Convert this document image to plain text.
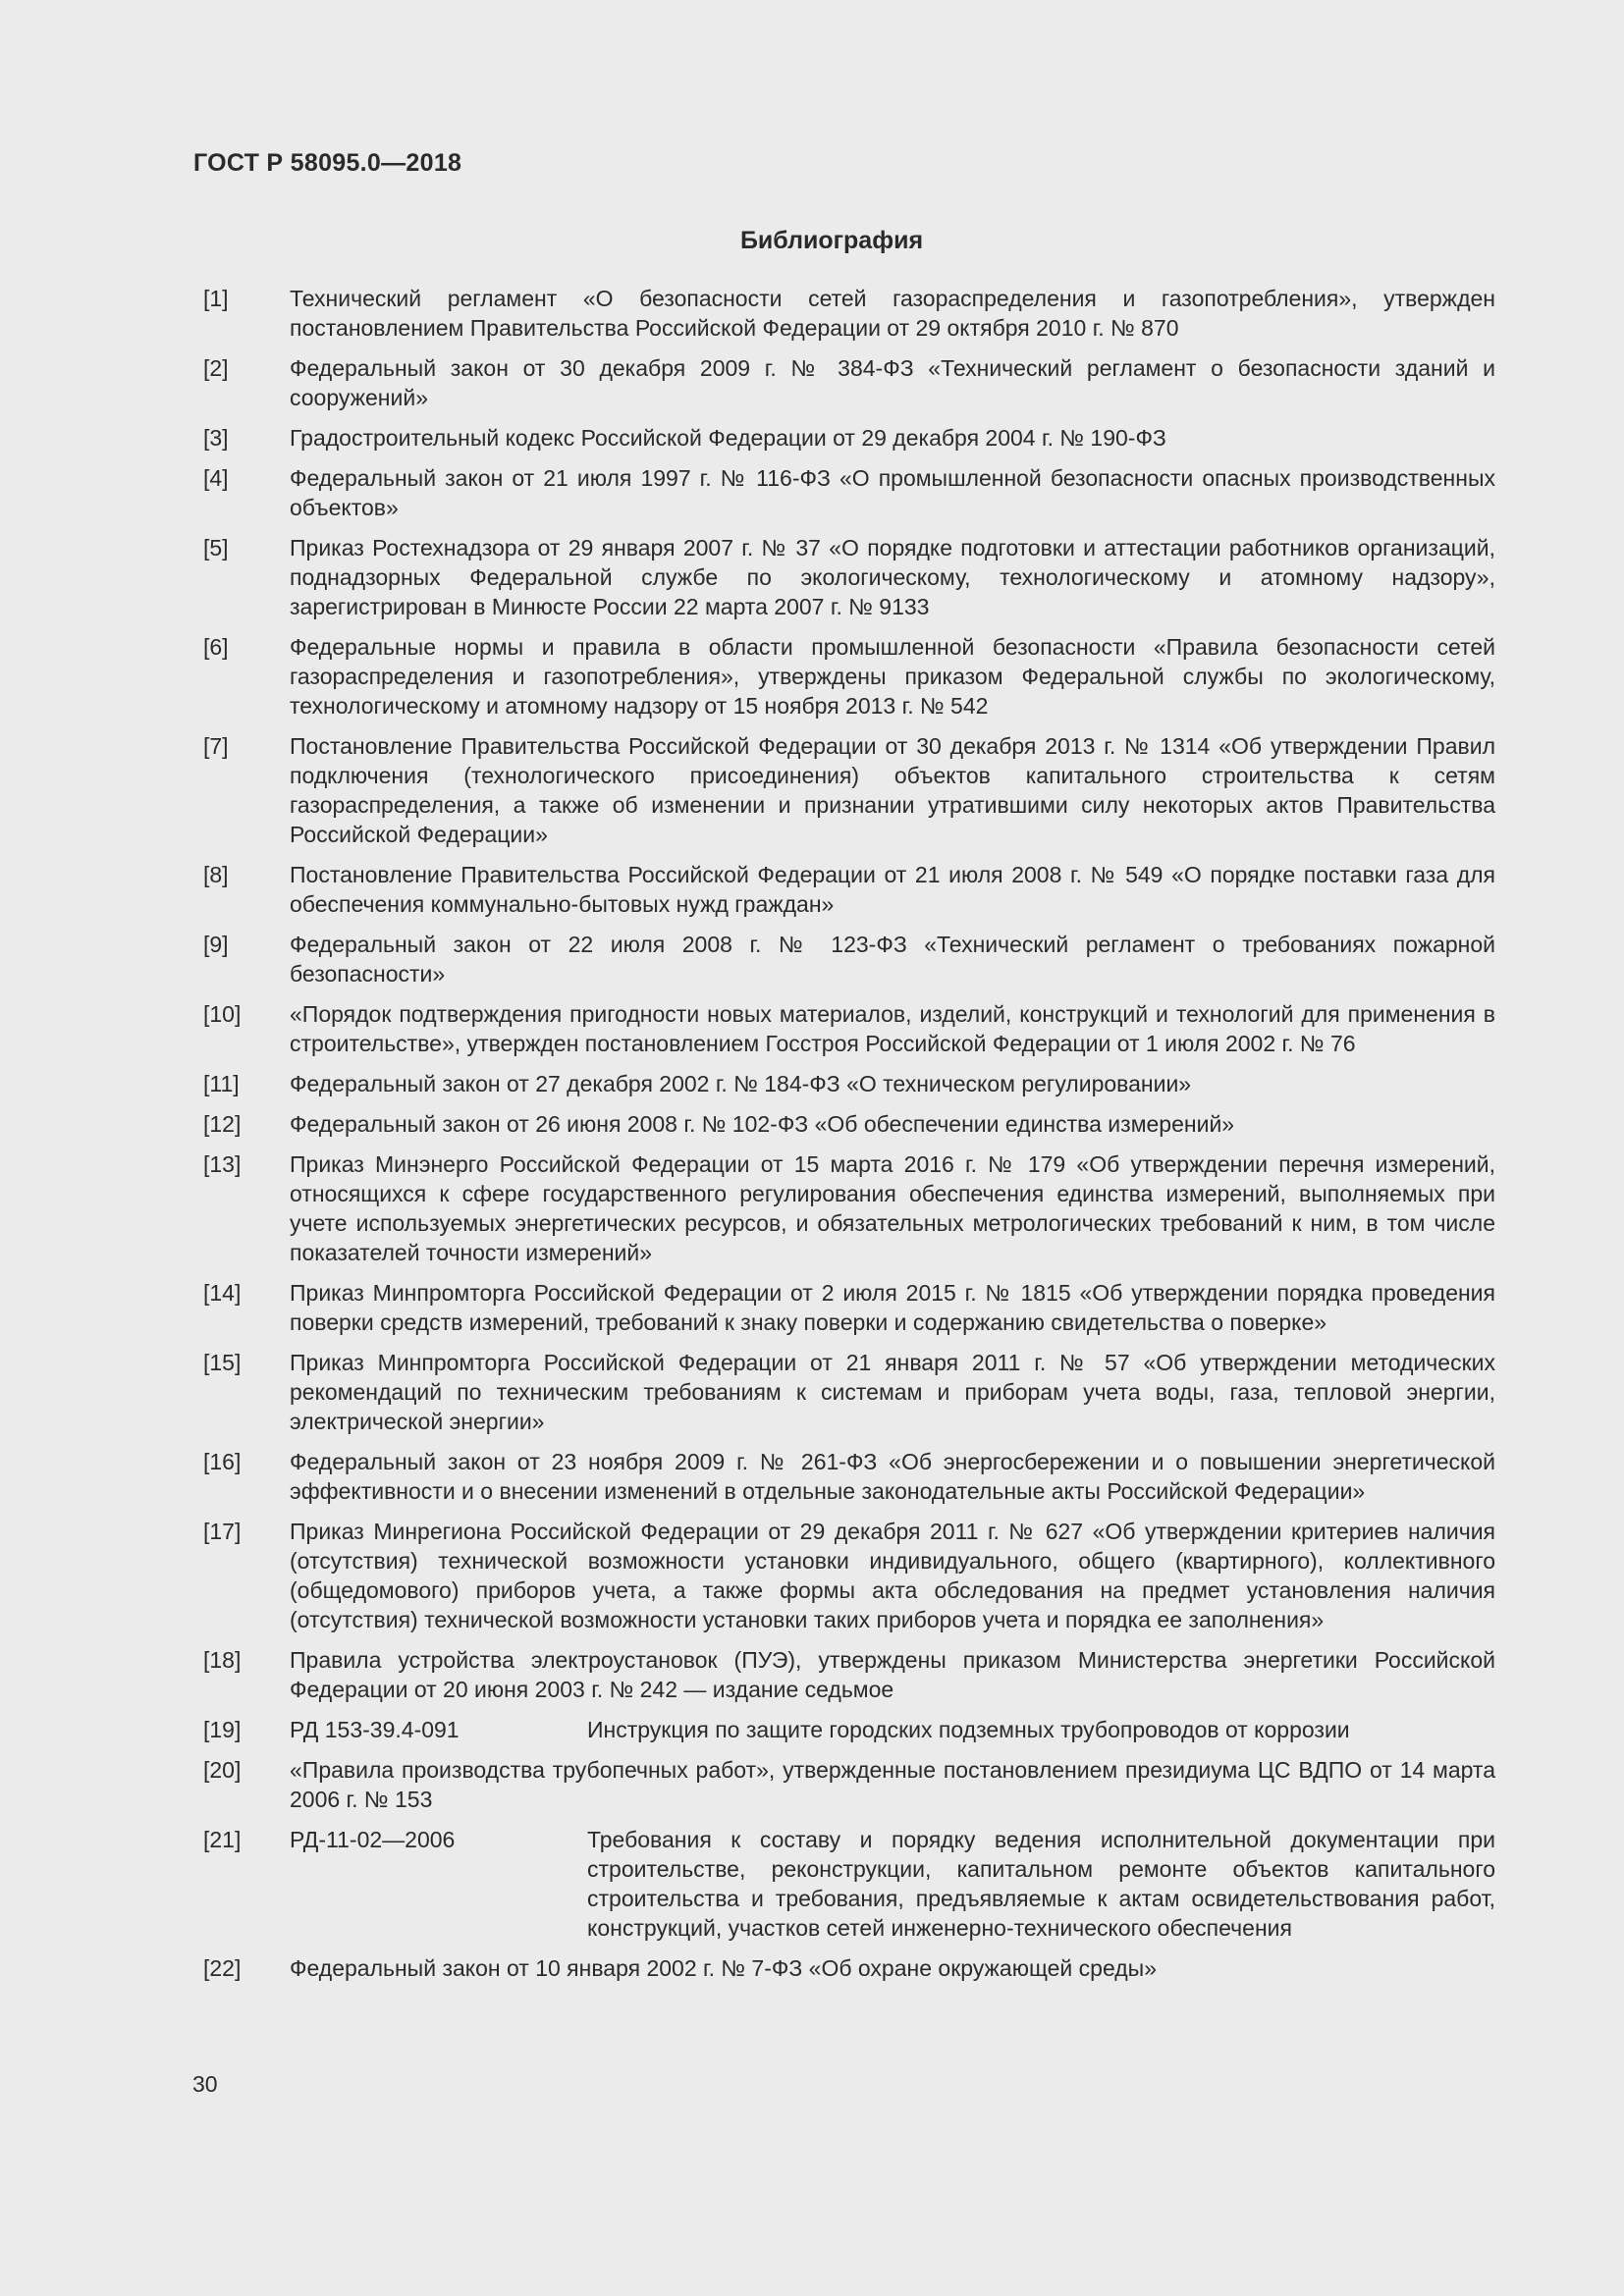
ГОСТ Р 58095.0—2018
Библиография
[1]	Технический регламент «О безопасности сетей газораспределения и газопотребления», утвержден постановлением Правительства Российской Федерации от 29 октября 2010 г. № 870
[2]	Федеральный закон от 30 декабря 2009 г. № 384-ФЗ «Технический регламент о безопасности зданий и сооружений»
[3]	Градостроительный кодекс Российской Федерации от 29 декабря 2004 г. № 190-ФЗ
[4]	Федеральный закон от 21 июля 1997 г. № 116-ФЗ «О промышленной безопасности опасных производственных объектов»
[5]	Приказ Ростехнадзора от 29 января 2007 г. № 37 «О порядке подготовки и аттестации работников организаций, поднадзорных Федеральной службе по экологическому, технологическому и атомному надзору», зарегистрирован в Минюсте России 22 марта 2007 г. № 9133
[6]	Федеральные нормы и правила в области промышленной безопасности «Правила безопасности сетей газораспределения и газопотребления», утверждены приказом Федеральной службы по экологическому, технологическому и атомному надзору от 15 ноября 2013 г. № 542
[7]	Постановление Правительства Российской Федерации от 30 декабря 2013 г. № 1314 «Об утверждении Правил подключения (технологического присоединения) объектов капитального строительства к сетям газораспределения, а также об изменении и признании утратившими силу некоторых актов Правительства Российской Федерации»
[8]	Постановление Правительства Российской Федерации от 21 июля 2008 г. № 549 «О порядке поставки газа для обеспечения коммунально-бытовых нужд граждан»
[9]	Федеральный закон от 22 июля 2008 г. № 123-ФЗ «Технический регламент о требованиях пожарной безопасности»
[10]	«Порядок подтверждения пригодности новых материалов, изделий, конструкций и технологий для применения в строительстве», утвержден постановлением Госстроя Российской Федерации от 1 июля 2002 г. № 76
[11]	Федеральный закон от 27 декабря 2002 г. № 184-ФЗ «О техническом регулировании»
[12]	Федеральный закон от 26 июня 2008 г. № 102-ФЗ «Об обеспечении единства измерений»
[13]	Приказ Минэнерго Российской Федерации от 15 марта 2016 г. № 179 «Об утверждении перечня измерений, относящихся к сфере государственного регулирования обеспечения единства измерений, выполняемых при учете используемых энергетических ресурсов, и обязательных метрологических требований к ним, в том числе показателей точности измерений»
[14]	Приказ Минпромторга Российской Федерации от 2 июля 2015 г. № 1815 «Об утверждении порядка проведения поверки средств измерений, требований к знаку поверки и содержанию свидетельства о поверке»
[15]	Приказ Минпромторга Российской Федерации от 21 января 2011 г. № 57 «Об утверждении методических рекомендаций по техническим требованиям к системам и приборам учета воды, газа, тепловой энергии, электрической энергии»
[16]	Федеральный закон от 23 ноября 2009 г. № 261-ФЗ «Об энергосбережении и о повышении энергетической эффективности и о внесении изменений в отдельные законодательные акты Российской Федерации»
[17]	Приказ Минрегиона Российской Федерации от 29 декабря 2011 г. № 627 «Об утверждении критериев наличия (отсутствия) технической возможности установки индивидуального, общего (квартирного), коллективного (общедомового) приборов учета, а также формы акта обследования на предмет установления наличия (отсутствия) технической возможности установки таких приборов учета и порядка ее заполнения»
[18]	Правила устройства электроустановок (ПУЭ), утверждены приказом Министерства энергетики Российской Федерации от 20 июня 2003 г. № 242 — издание седьмое
[19]	РД 153-39.4-091	Инструкция по защите городских подземных трубопроводов от коррозии
[20]	«Правила производства трубопечных работ», утвержденные постановлением президиума ЦС ВДПО от 14 марта 2006 г. № 153
[21]	РД-11-02—2006	Требования к составу и порядку ведения исполнительной документации при строительстве, реконструкции, капитальном ремонте объектов капитального строительства и требования, предъявляемые к актам освидетельствования работ, конструкций, участков сетей инженерно-технического обеспечения
[22]	Федеральный закон от 10 января 2002 г. № 7-ФЗ «Об охране окружающей среды»
30
